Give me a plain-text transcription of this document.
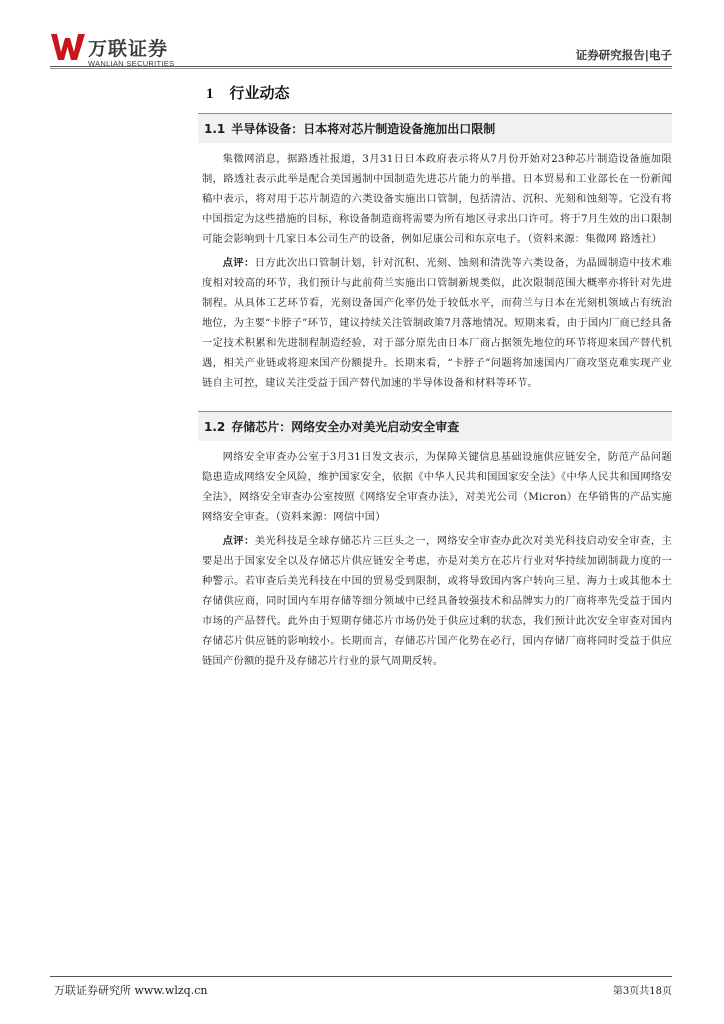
万联证券
WANLIAN SECURITIES
证券研究报告|电子
1 行业动态
1.1 半导体设备：日本将对芯片制造设备施加出口限制

集微网消息，据路透社报道，3月31日日本政府表示将从7月份开始对23种芯片制造设备施加限制，路透社表示此举是配合美国遏制中国制造先进芯片能力的举措。日本贸易和工业部长在一份新闻稿中表示，将对用于芯片制造的六类设备实施出口管制，包括清洁、沉积、光刻和蚀刻等。它没有将中国指定为这些措施的目标，称设备制造商将需要为所有地区寻求出口许可。将于7月生效的出口限制可能会影响到十几家日本公司生产的设备，例如尼康公司和东京电子。（资料来源：集微网 路透社）

点评：日方此次出口管制计划，针对沉积、光刻、蚀刻和清洗等六类设备，为晶圆制造中技术难度相对较高的环节，我们预计与此前荷兰实施出口管制新规类似，此次限制范围大概率亦将针对先进制程。从具体工艺环节看，光刻设备国产化率仍处于较低水平，而荷兰与日本在光刻机领域占有统治地位，为主要“卡脖子”环节，建议持续关注管制政策7月落地情况。短期来看，由于国内厂商已经具备一定技术积累和先进制程制造经验，对于部分原先由日本厂商占据领先地位的环节将迎来国产替代机遇，相关产业链或将迎来国产份额提升。长期来看，“卡脖子”问题将加速国内厂商攻坚克难实现产业链自主可控，建议关注受益于国产替代加速的半导体设备和材料等环节。

1.2 存储芯片：网络安全办对美光启动安全审查

网络安全审查办公室于3月31日发文表示，为保障关键信息基础设施供应链安全，防范产品问题隐患造成网络安全风险，维护国家安全，依据《中华人民共和国国家安全法》《中华人民共和国网络安全法》，网络安全审查办公室按照《网络安全审查办法》，对美光公司（Micron）在华销售的产品实施网络安全审查。（资料来源：网信中国）

点评：美光科技是全球存储芯片三巨头之一，网络安全审查办此次对美光科技启动安全审查，主要是出于国家安全以及存储芯片供应链安全考虑，亦是对美方在芯片行业对华持续加剧制裁力度的一种警示。若审查后美光科技在中国的贸易受到限制，或将导致国内客户转向三星、海力士或其他本土存储供应商，同时国内车用存储等细分领域中已经具备较强技术和品牌实力的厂商将率先受益于国内市场的产品替代。此外由于短期存储芯片市场仍处于供应过剩的状态，我们预计此次安全审查对国内存储芯片供应链的影响较小。长期而言，存储芯片国产化势在必行，国内存储厂商将同时受益于供应链国产份额的提升及存储芯片行业的景气周期反转。

万联证券研究所 www.wlzq.cn	第3页共18页
